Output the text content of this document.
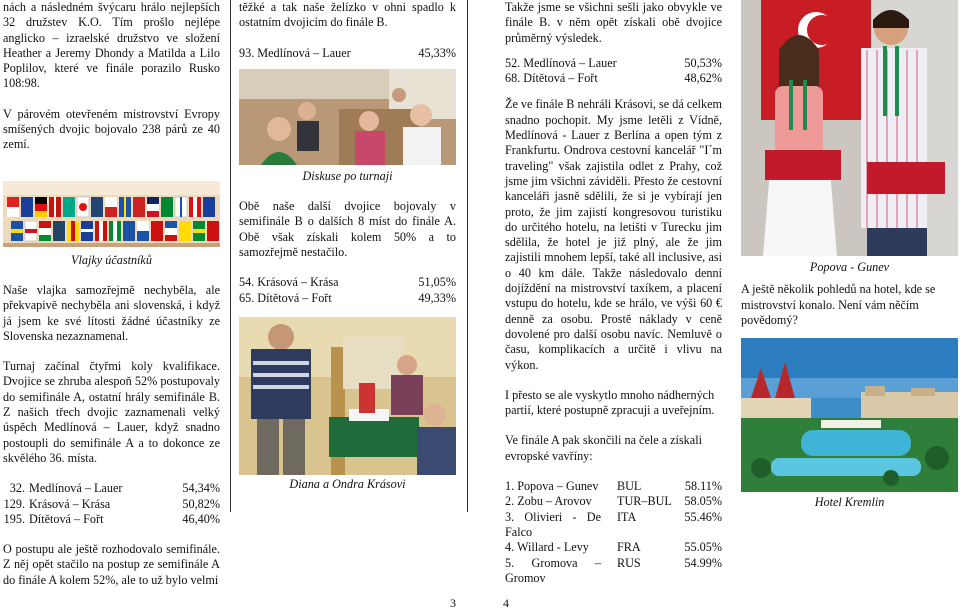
nách a následném švýcaru hrálo nejlepších 32 družstev K.O. Tím prošlo nejlépe anglicko – izraelské družstvo ve složení Heather a Jeremy Dhondy a Matilda a Lilo Poplilov, které ve finále porazilo Rusko 108:98.

V párovém otevřeném mistrovství Evropy smíšených dvojic bojovalo 238 párů ze 40 zemí.

Vlajky účastníků

Naše vlajka samozřejmě nechyběla, ale překvapivě nechyběla ani slovenská, i když já jsem ke své lítosti žádné účastníky ze Slovenska nezaznamenal.

Turnaj začínal čtyřmi koly kvalifikace. Dvojice se zhruba alespoň 52% postupovaly do semifinále A, ostatní hrály semifinále B. Z našich třech dvojic zaznamenali velký úspěch Medlínová – Lauer, když snadno postoupli do semifinále A a to dokonce ze skvělého 36. místa.

32. Medlínová – Lauer	54,34%
129. Krásová – Krása	50,82%
195. Dítětová – Fořt	46,40%

O postupu ale ještě rozhodovalo semifinále. Z něj opět stačilo na postup ze semifinále A do finále A kolem 52%, ale to už bylo velmi

těžké a tak naše želízko v ohni spadlo k ostatním dvojicím do finále B.

93. Medlínová – Lauer	45,33%

Diskuse po turnaji

Obě naše další dvojice bojovaly v semifinále B o dalších 8 míst do finále A. Obě však získali kolem 50% a to samozřejmě nestačilo.

54. Krásová – Krása	51,05%
65. Dítětová – Fořt	49,33%

Diana a Ondra Krásovi

Takže jsme se všichni sešli jako obvykle ve finále B. v něm opět získali obě dvojice průměrný výsledek.

52. Medlínová – Lauer	50,53%
68. Dítětová – Fořt	48,62%

Že ve finále B nehráli Krásovi, se dá celkem snadno pochopit. My jsme letěli z Vídně, Medlínová - Lauer z Berlína a open tým z Frankfurtu. Ondrova cestovní kancelář "I´m traveling" však zajistila odlet z Prahy, což jsme jim všichni záviděli. Přesto že cestovní kanceláři jasně sdělili, že si je vybírají jen proto, že jim zajistí kongresovou turistiku do určitého hotelu, na letišti v Turecku jim sdělila, že hotel je již plný, ale že jim zajistili mnohem lepší, také all inclusive, asi o 40 km dále. Takže následovalo denní dojíždění na mistrovství taxíkem, a placení vstupu do hotelu, kde se hrálo, ve výši 60 € denně za osobu. Prostě náklady v ceně dovolené pro další osobu navíc. Nemluvě o času, komplikacích a určitě i vlivu na výkon.

I přesto se ale vyskytlo mnoho nádherných partií, které postupně zpracuji a uveřejním.

Ve finále A pak skončili na čele a získali evropské vavříny:

1. Popova – Gunev	BUL	58.11%
2. Zobu – Arovov	TUR–BUL	58.05%
3. Olivieri - De Falco	ITA	55.46%
4. Willard - Levy	FRA	55.05%
5. Gromova – Gromov	RUS	54.99%

Popova - Gunev

A ještě několik pohledů na hotel, kde se mistrovství konalo. Není vám něčím povědomý?

Hotel Kremlin

3	4
